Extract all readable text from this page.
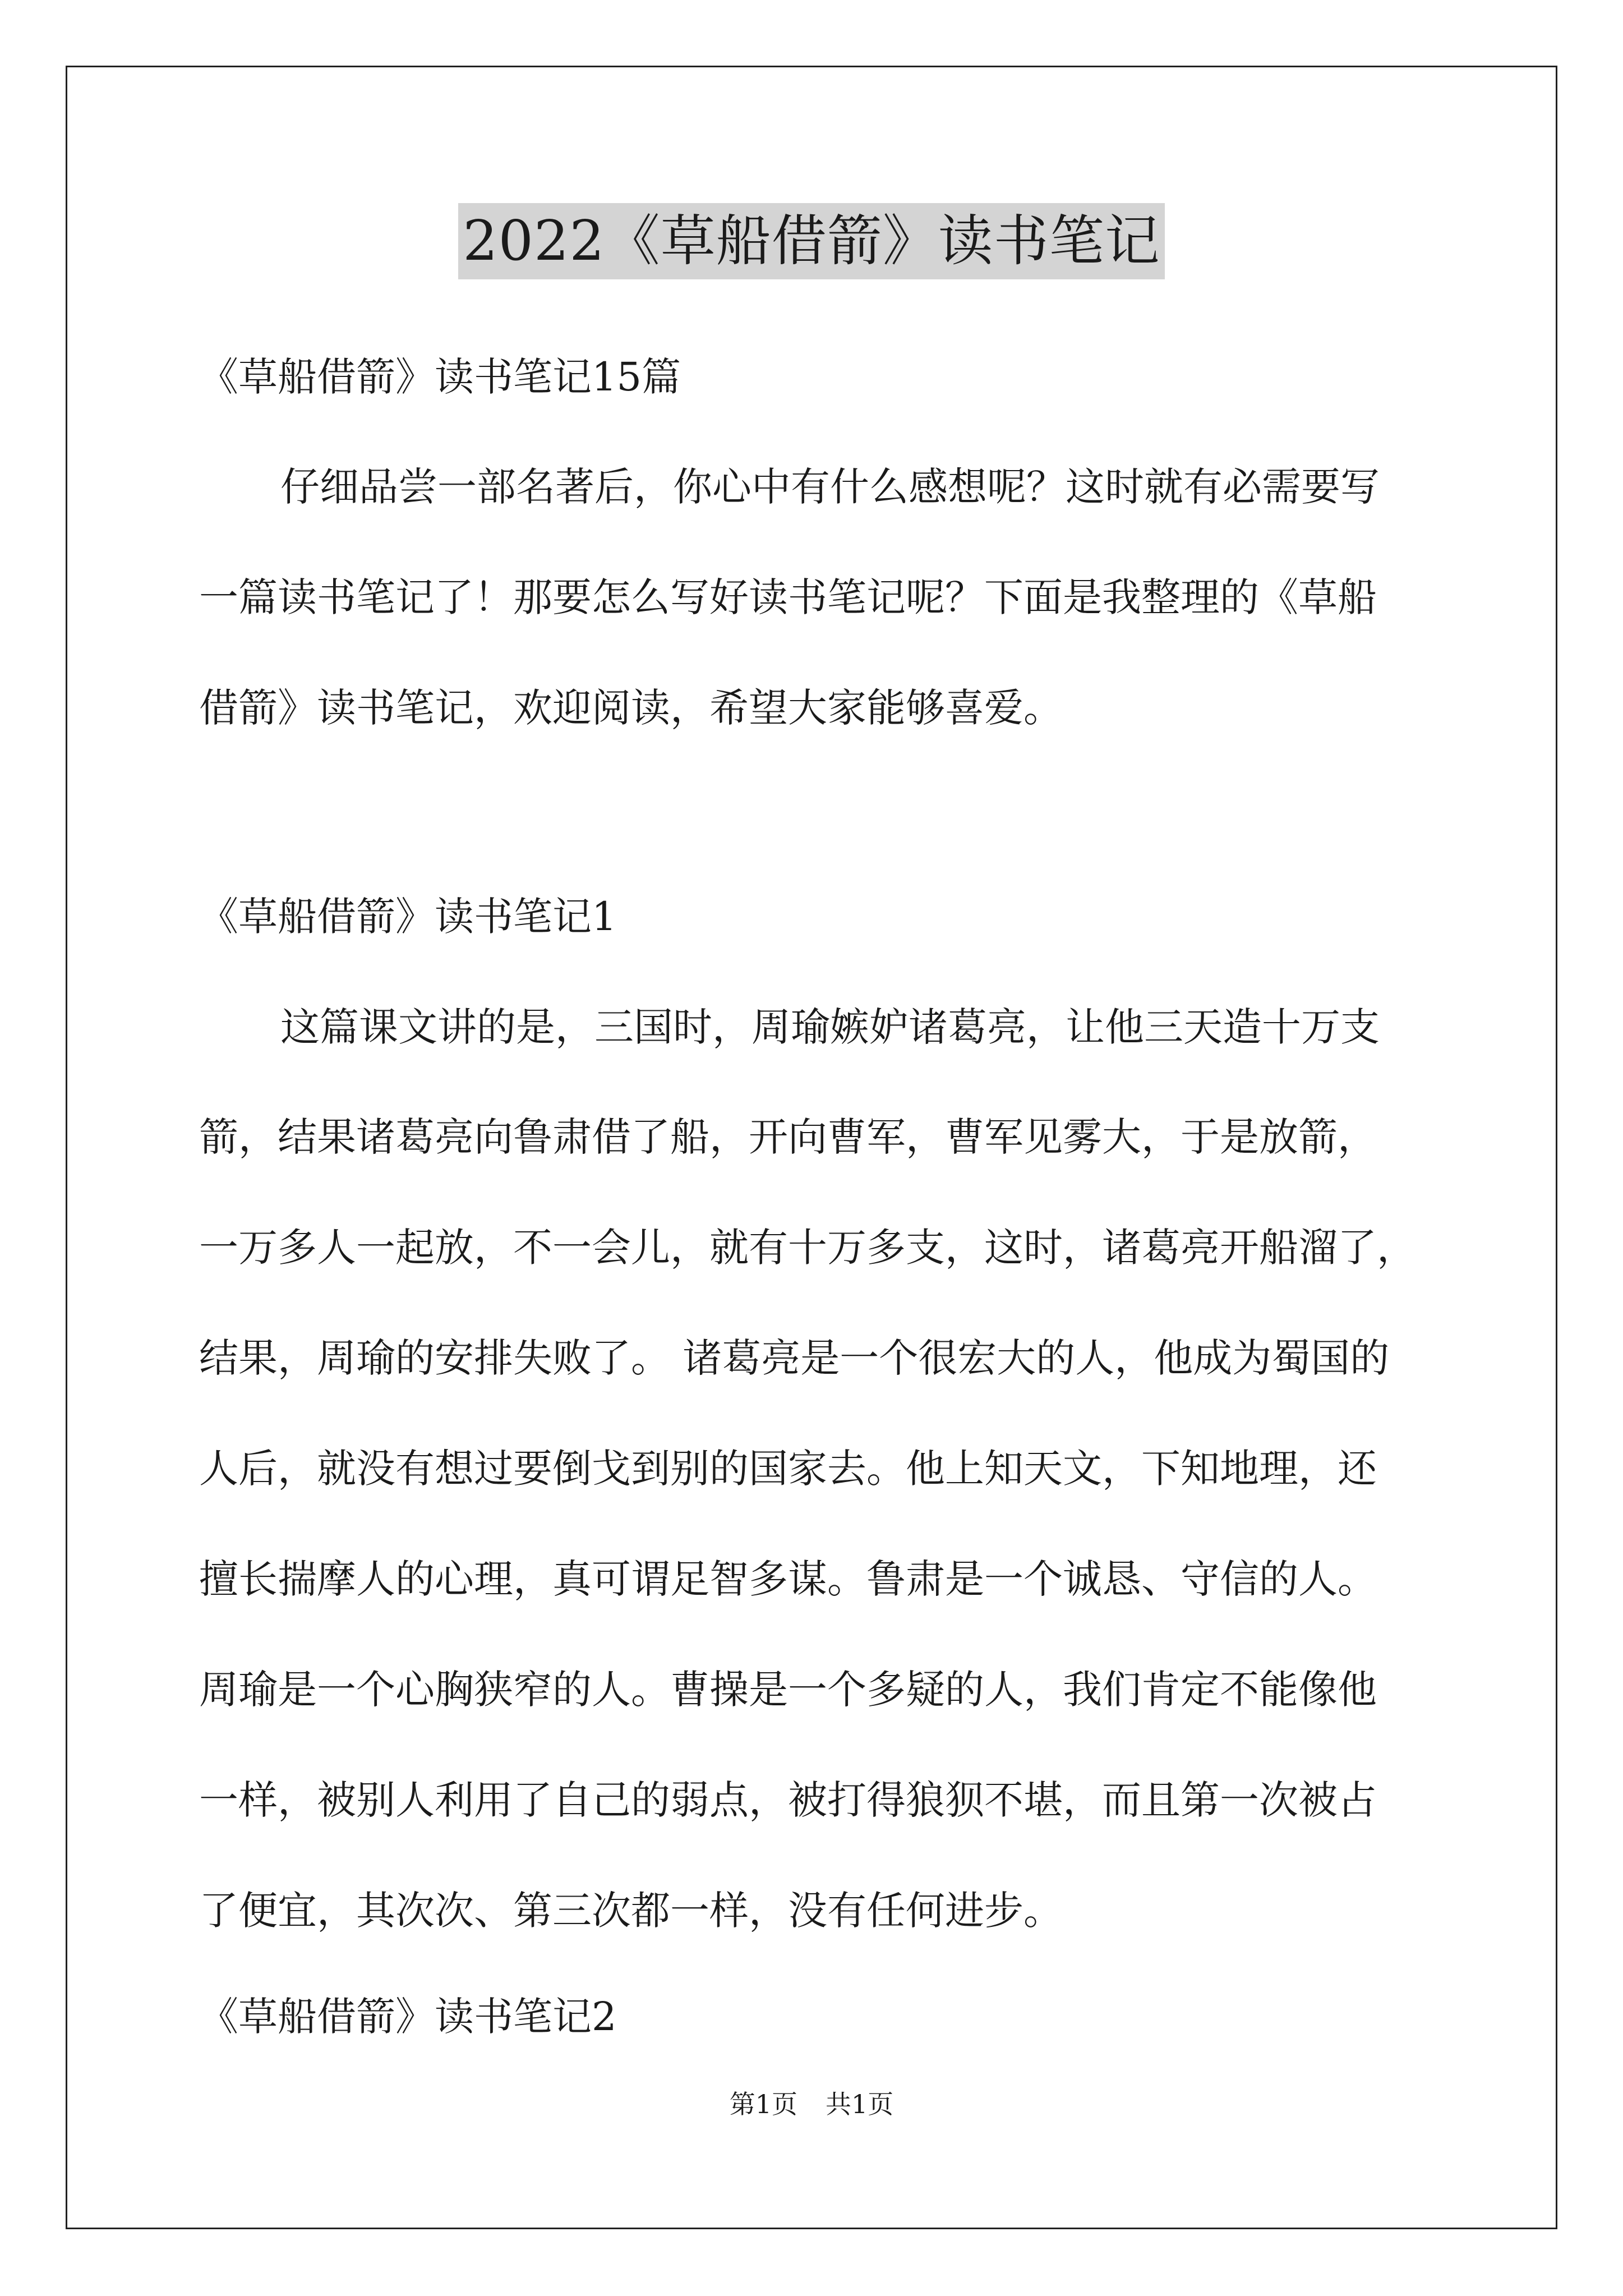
2022《草船借箭》读书笔记

《草船借箭》读书笔记15篇

仔细品尝一部名著后，你心中有什么感想呢？这时就有必需要写

一篇读书笔记了！那要怎么写好读书笔记呢？下面是我整理的《草船

借箭》读书笔记，欢迎阅读，希望大家能够喜爱。

《草船借箭》读书笔记1

这篇课文讲的是，三国时，周瑜嫉妒诸葛亮，让他三天造十万支

箭，结果诸葛亮向鲁肃借了船，开向曹军，曹军见雾大，于是放箭，

一万多人一起放，不一会儿，就有十万多支，这时，诸葛亮开船溜了，

结果，周瑜的安排失败了。 诸葛亮是一个很宏大的人，他成为蜀国的

人后，就没有想过要倒戈到别的国家去。他上知天文，下知地理，还

擅长揣摩人的心理，真可谓足智多谋。鲁肃是一个诚恳、守信的人。

周瑜是一个心胸狭窄的人。曹操是一个多疑的人，我们肯定不能像他

一样，被别人利用了自己的弱点，被打得狼狈不堪，而且第一次被占

了便宜，其次次、第三次都一样，没有任何进步。

《草船借箭》读书笔记2

第1页 共1页
